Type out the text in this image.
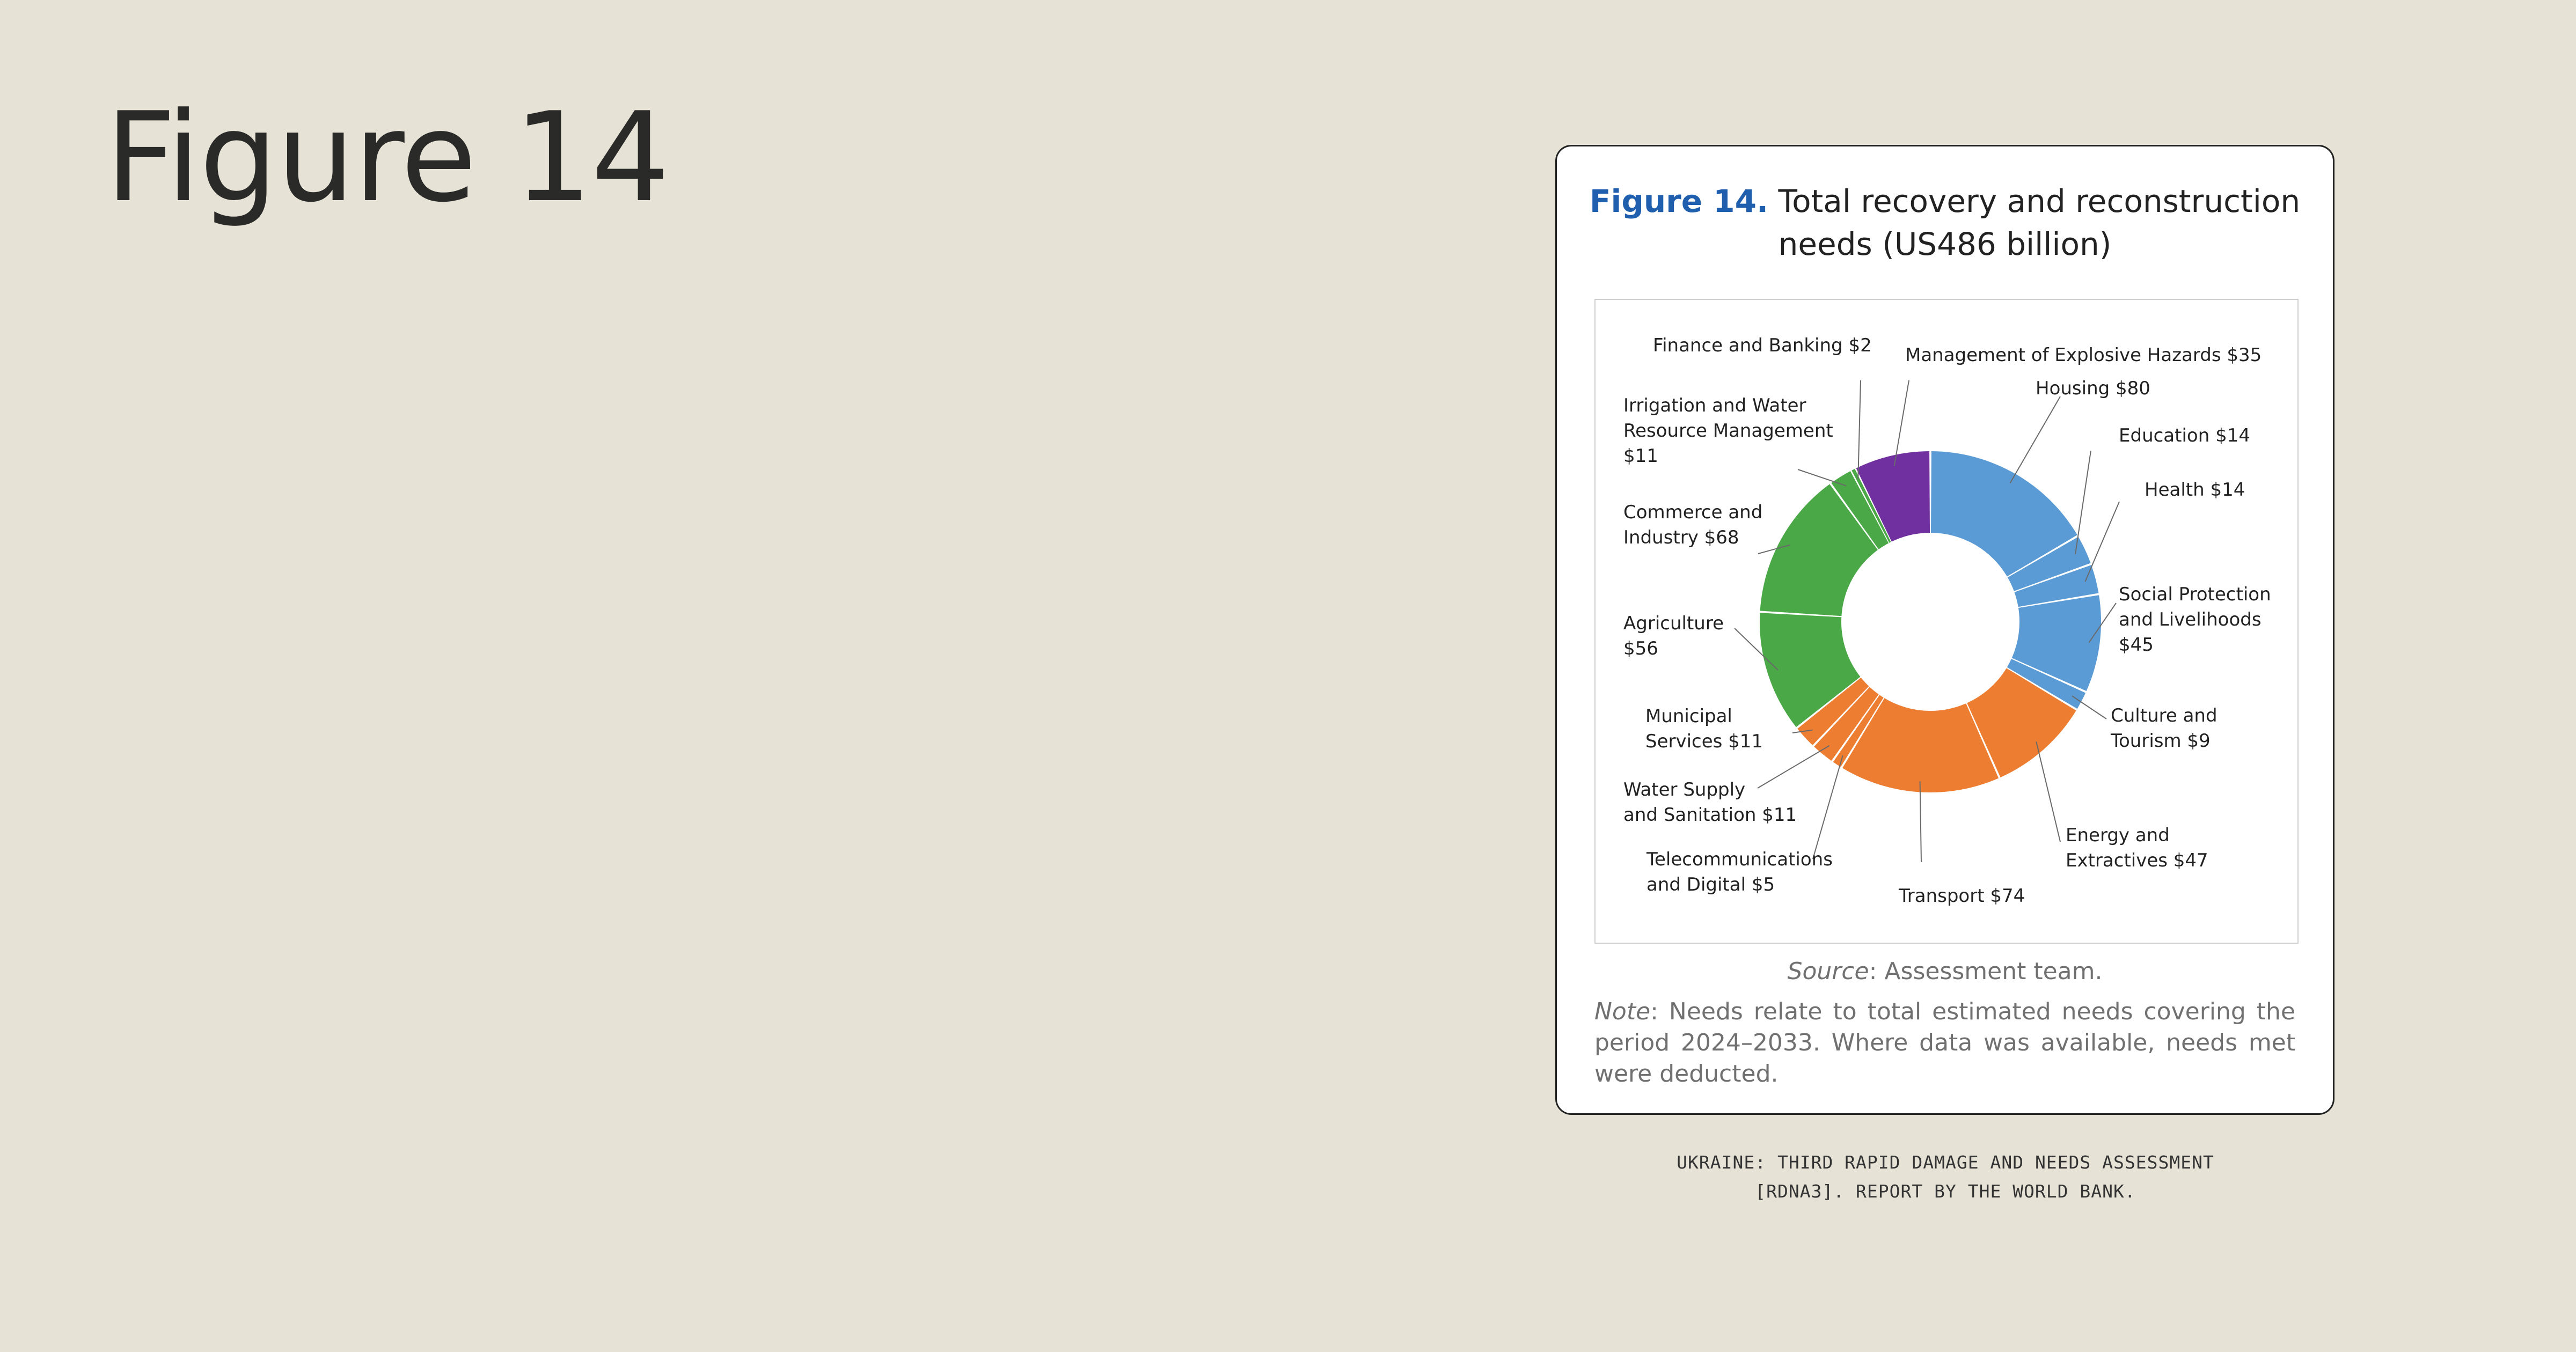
Figure 14	Figure 14. Total recovery and reconstruction needs (US486 billion)
Housing $80
Education $14
Health $14
Social Protection and Livelihoods $45
Culture and Tourism $9
Energy and Extractives $47
Transport $74
Telecommunications and Digital $5
Water Supply and Sanitation $11
Municipal Services $11
Agriculture $56
Commerce and Industry $68
Irrigation and Water Resource Management $11
Finance and Banking $2 Management of Explosive Hazards $35

Source: Assessment team.

Note: Needs relate to total estimated needs covering the period 2024–2033. Where data was available, needs met were deducted.

UKRAINE: THIRD RAPID DAMAGE AND NEEDS ASSESSMENT
[RDNA3]. REPORT BY THE WORLD BANK.
